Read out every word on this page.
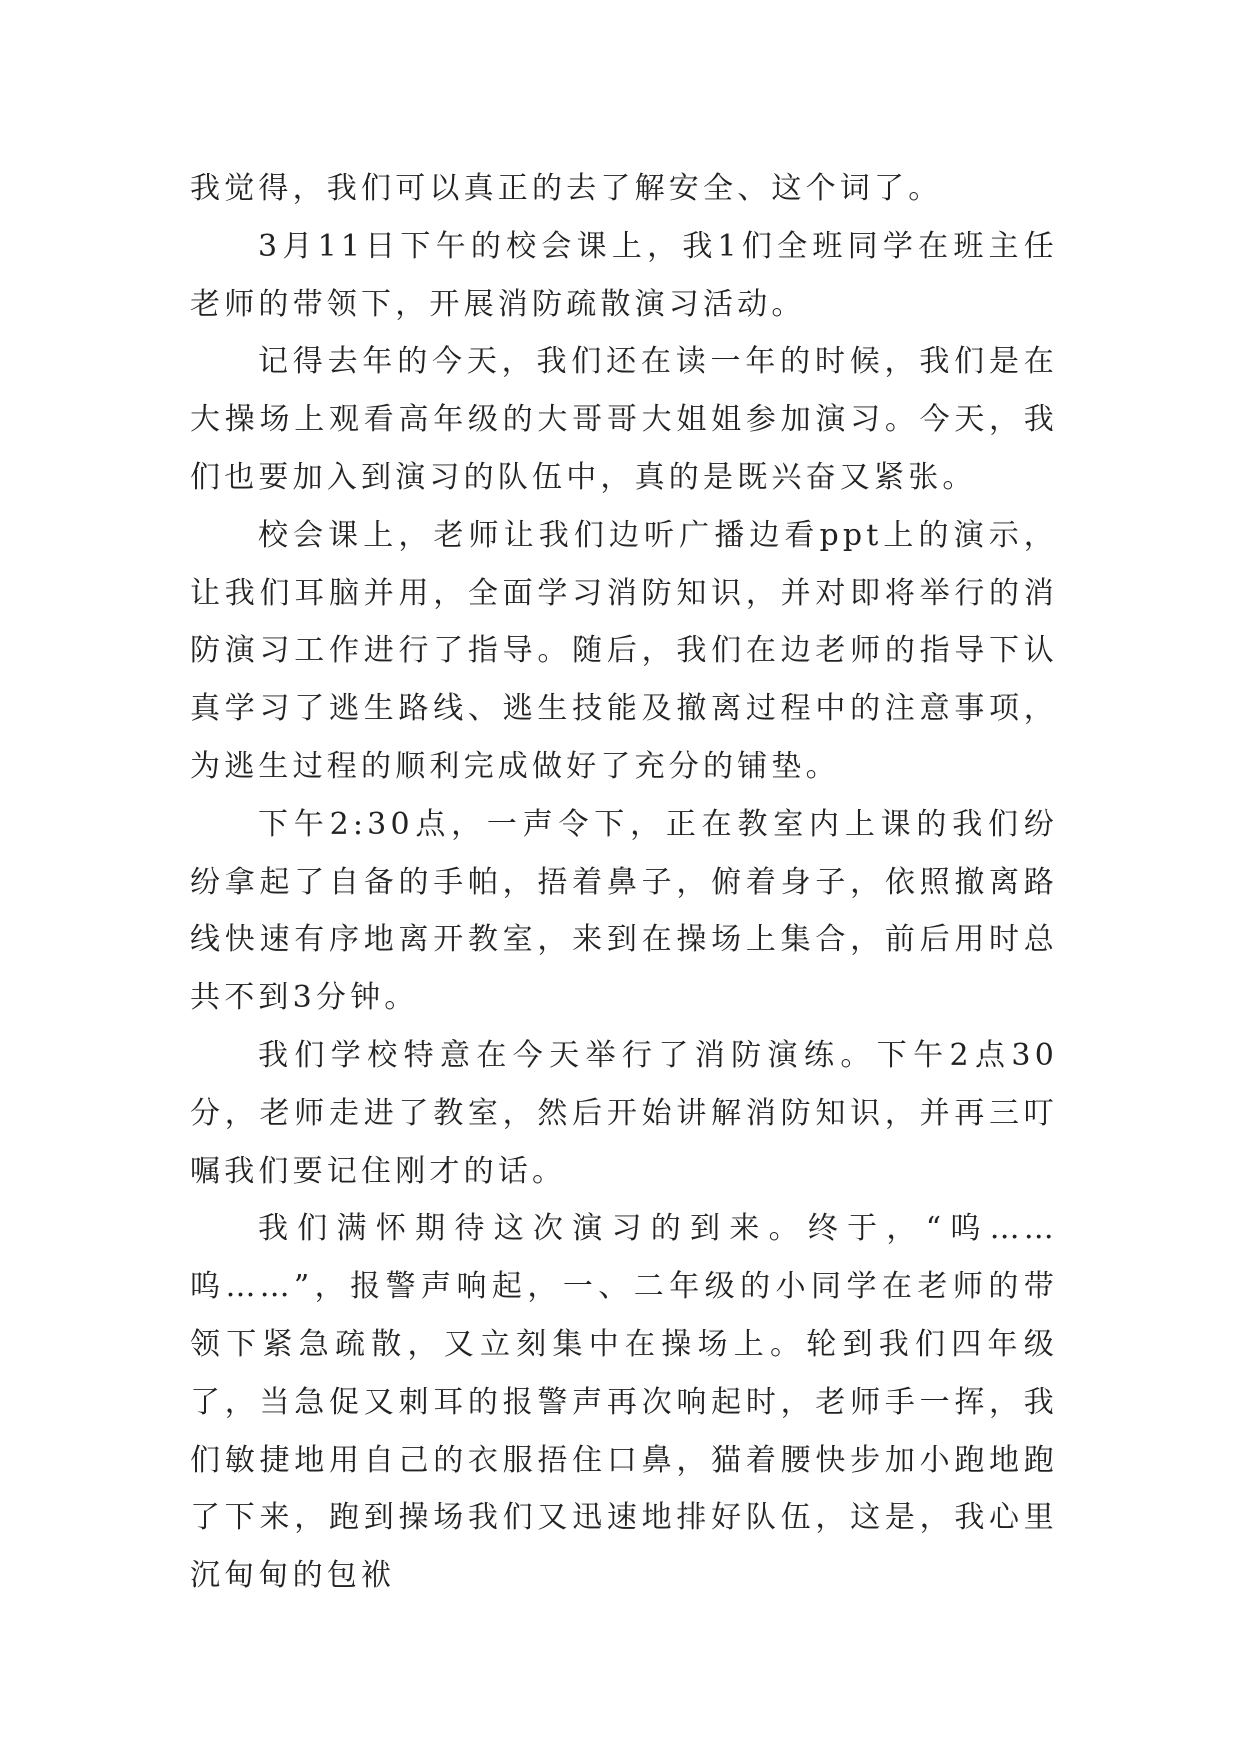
我觉得，我们可以真正的去了解安全、这个词了。

3月11日下午的校会课上，我1们全班同学在班主任老师的带领下，开展消防疏散演习活动。

记得去年的今天，我们还在读一年的时候，我们是在大操场上观看高年级的大哥哥大姐姐参加演习。今天，我们也要加入到演习的队伍中，真的是既兴奋又紧张。

校会课上，老师让我们边听广播边看ppt上的演示，让我们耳脑并用，全面学习消防知识，并对即将举行的消防演习工作进行了指导。随后，我们在边老师的指导下认真学习了逃生路线、逃生技能及撤离过程中的注意事项，为逃生过程的顺利完成做好了充分的铺垫。

下午2:30点，一声令下，正在教室内上课的我们纷纷拿起了自备的手帕，捂着鼻子，俯着身子，依照撤离路线快速有序地离开教室，来到在操场上集合，前后用时总共不到3分钟。

我们学校特意在今天举行了消防演练。下午2点30分，老师走进了教室，然后开始讲解消防知识，并再三叮嘱我们要记住刚才的话。

我们满怀期待这次演习的到来。终于，“呜……呜……”，报警声响起，一、二年级的小同学在老师的带领下紧急疏散，又立刻集中在操场上。轮到我们四年级了，当急促又刺耳的报警声再次响起时，老师手一挥，我们敏捷地用自己的衣服捂住口鼻，猫着腰快步加小跑地跑了下来，跑到操场我们又迅速地排好队伍，这是，我心里沉甸甸的包袱
